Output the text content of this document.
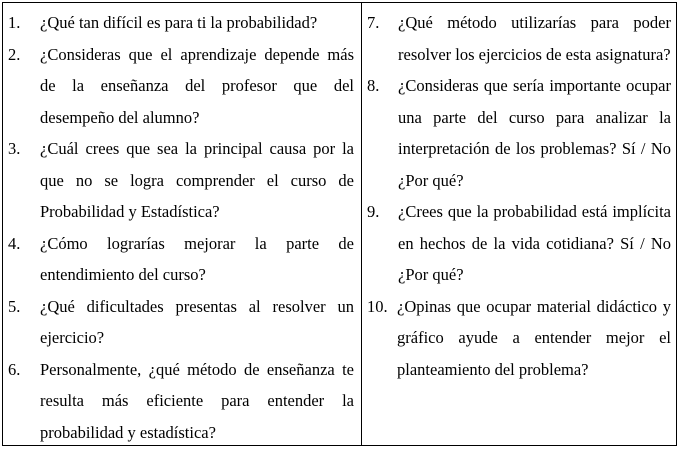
1.	¿Qué tan difícil es para ti la probabilidad?
2.	¿Consideras que el aprendizaje depende más de la enseñanza del profesor que del desempeño del alumno?
3.	¿Cuál crees que sea la principal causa por la que no se logra comprender el curso de Probabilidad y Estadística?
4.	¿Cómo lograrías mejorar la parte de entendimiento del curso?
5.	¿Qué dificultades presentas al resolver un ejercicio?
6.	Personalmente, ¿qué método de enseñanza te resulta más eficiente para entender la probabilidad y estadística?
7.	¿Qué método utilizarías para poder resolver los ejercicios de esta asignatura?
8.	¿Consideras que sería importante ocupar una parte del curso para analizar la interpretación de los problemas? Sí / No ¿Por qué?
9.	¿Crees que la probabilidad está implícita en hechos de la vida cotidiana? Sí / No ¿Por qué?
10. ¿Opinas que ocupar material didáctico y gráfico ayude a entender mejor el planteamiento del problema?
